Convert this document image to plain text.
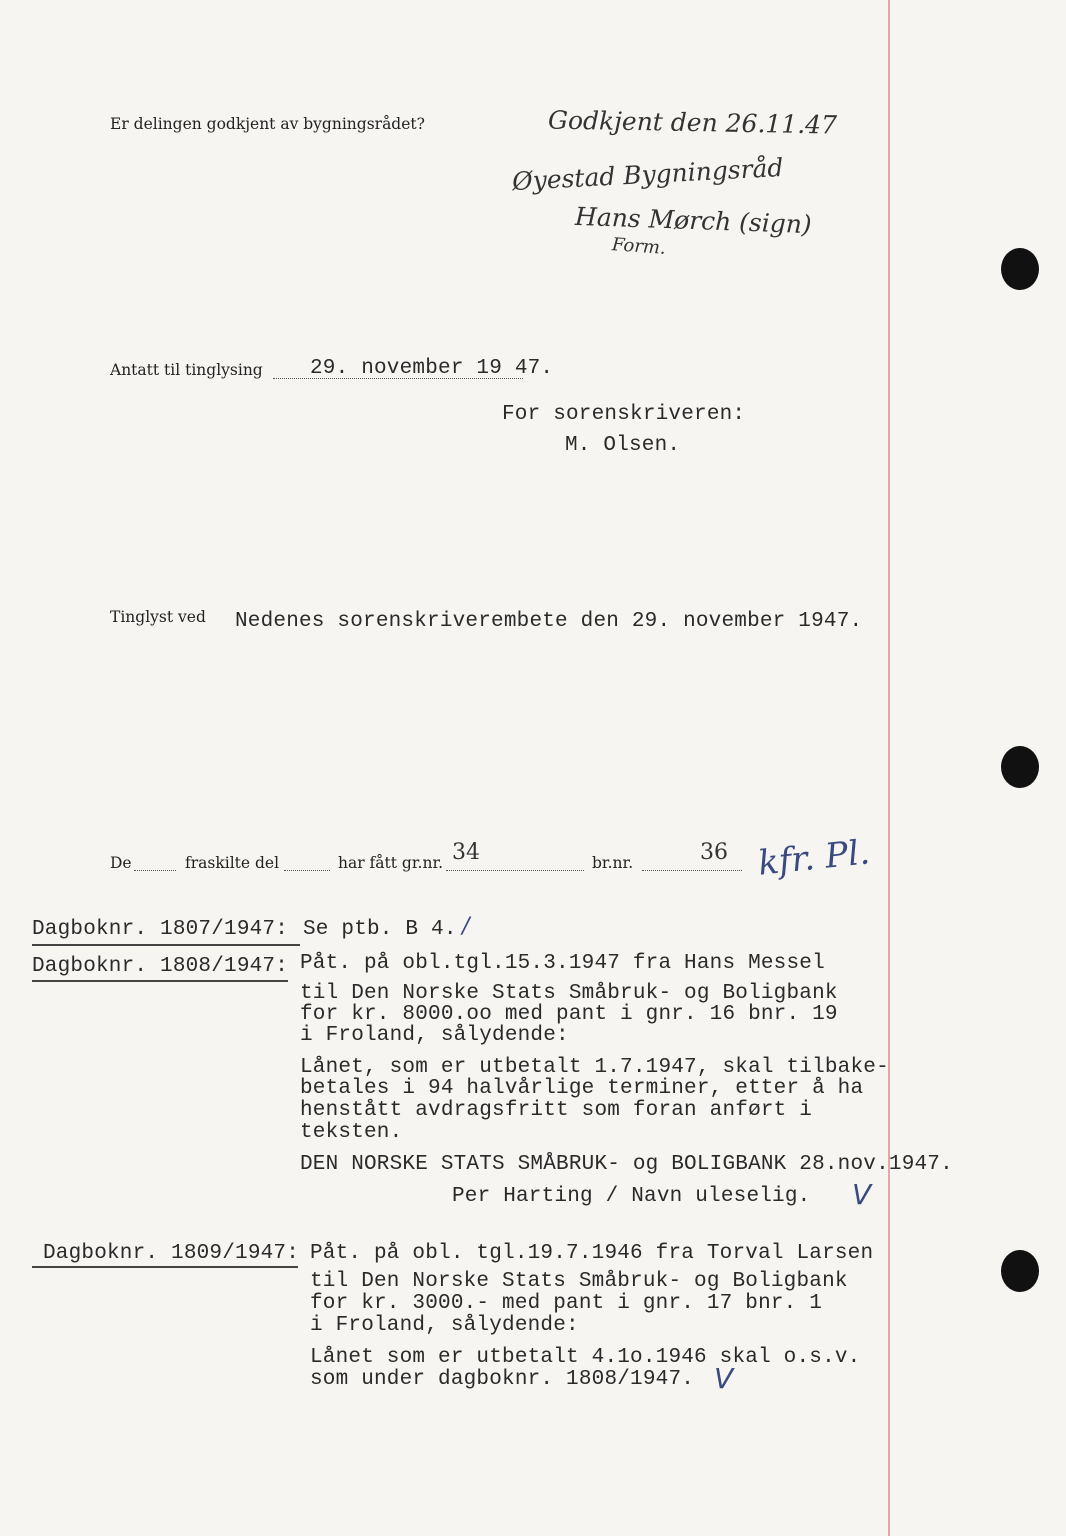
Er delingen godkjent av bygningsrådet?	Godkjent den 26.11.47
Øyestad Bygningsråd
Hans Mørch (sign)
Form.
Antatt til tinglysing 29. november 19 47.
For sorenskriveren:
M. Olsen.
Tinglyst ved Nedenes sorenskriverembete den 29. november 1947.
De	fraskilte del	har fått gr.nr. 34	br.nr.	36 kfr. Pl.
Dagboknr. 1807/1947: Se ptb. B 4. /
Dagboknr. 1808/1947: Påt. på obl.tgl.15.3.1947 fra Hans Messel
til Den Norske Stats Småbruk- og Boligbank
for kr. 8000.oo med pant i gnr. 16 bnr. 19
i Froland, sålydende:
Lånet, som er utbetalt 1.7.1947, skal tilbake-
betales i 94 halvårlige terminer, etter å ha
henstått avdragsfritt som foran anført i
teksten.
DEN NORSKE STATS SMÅBRUK- og BOLIGBANK 28.nov.1947.
Per Harting / Navn uleselig. V
Dagboknr. 1809/1947: Påt. på obl. tgl.19.7.1946 fra Torval Larsen
til Den Norske Stats Småbruk- og Boligbank
for kr. 3000.- med pant i gnr. 17 bnr. 1
i Froland, sålydende:
Lånet som er utbetalt 4.1o.1946 skal o.s.v.
som under dagboknr. 1808/1947. V
